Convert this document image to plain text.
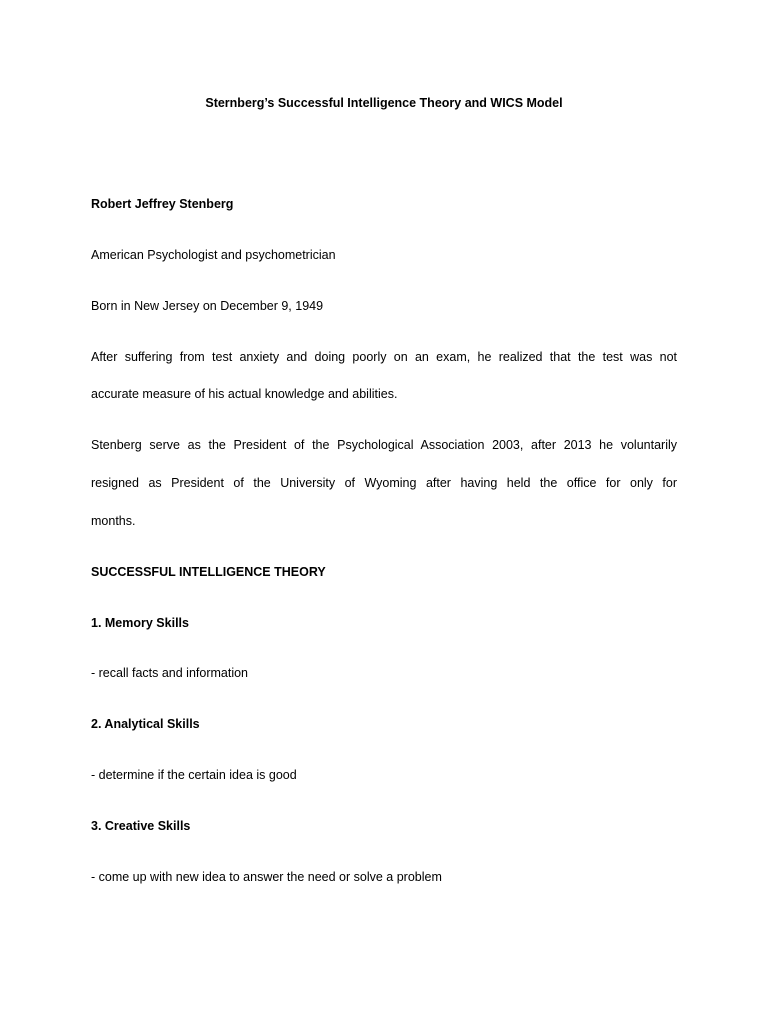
Sternberg’s Successful Intelligence Theory and WICS Model
Robert Jeffrey Stenberg
American Psychologist and psychometrician
Born in New Jersey on December 9, 1949
After suffering from test anxiety and doing poorly on an exam, he realized that the test was not
accurate measure of his actual knowledge and abilities.
Stenberg serve as the President of the Psychological Association 2003, after 2013 he voluntarily
resigned as President of the University of Wyoming after having held the office for only for
months.
SUCCESSFUL INTELLIGENCE THEORY
1. Memory Skills
- recall facts and information
2. Analytical Skills
- determine if the certain idea is good
3. Creative Skills
- come up with new idea to answer the need or solve a problem
